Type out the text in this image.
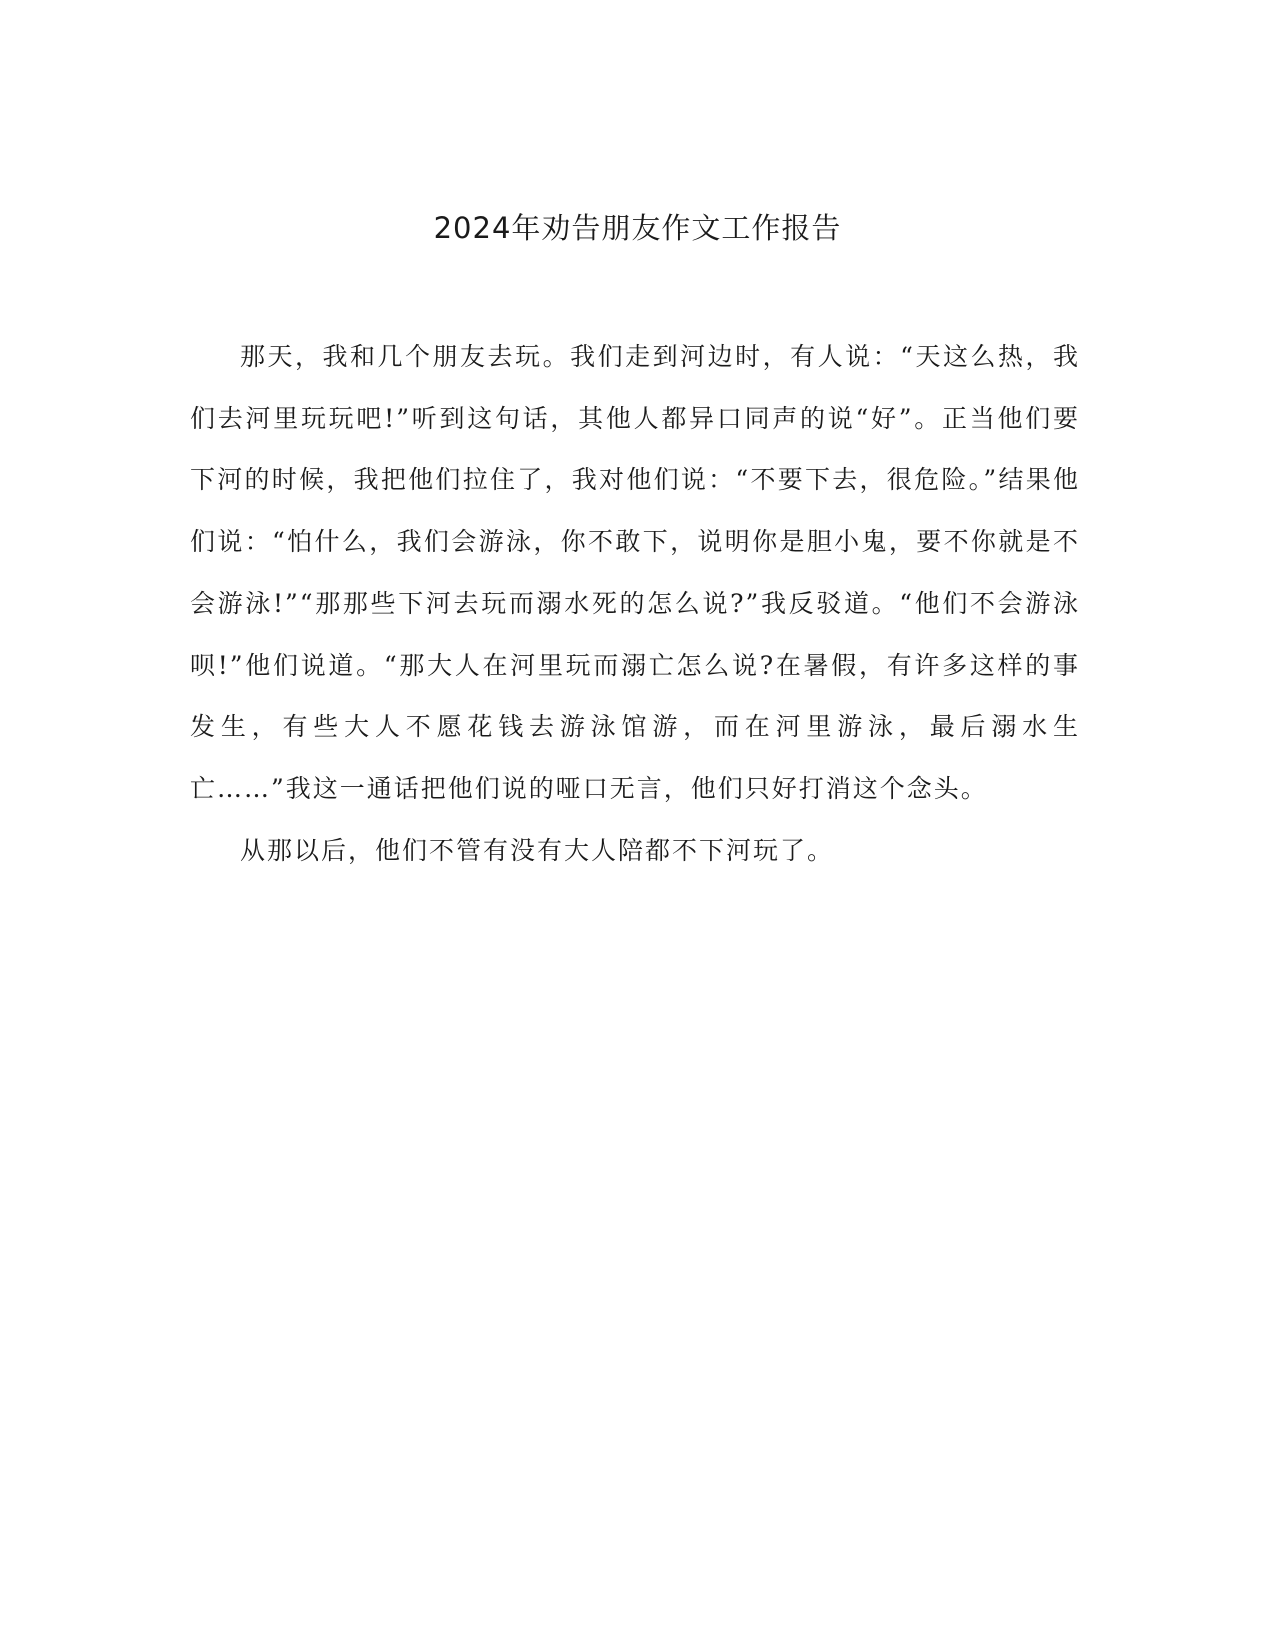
2024年劝告朋友作文工作报告

那天，我和几个朋友去玩。我们走到河边时，有人说：“天这么热，我们去河里玩玩吧!”听到这句话，其他人都异口同声的说“好”。正当他们要下河的时候，我把他们拉住了，我对他们说：“不要下去，很危险。”结果他们说：“怕什么，我们会游泳，你不敢下，说明你是胆小鬼，要不你就是不会游泳!”“那那些下河去玩而溺水死的怎么说?”我反驳道。“他们不会游泳呗!”他们说道。“那大人在河里玩而溺亡怎么说?在暑假，有许多这样的事发生，有些大人不愿花钱去游泳馆游，而在河里游泳，最后溺水生亡……”我这一通话把他们说的哑口无言，他们只好打消这个念头。

从那以后，他们不管有没有大人陪都不下河玩了。
